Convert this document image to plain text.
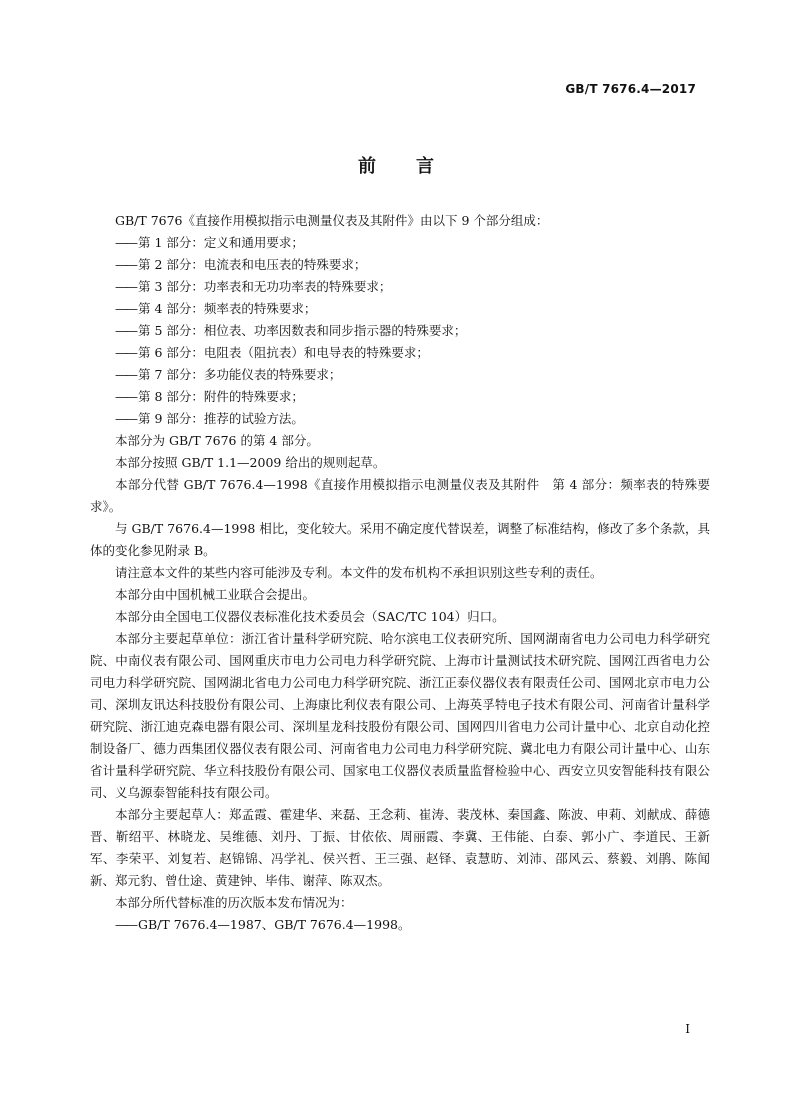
GB/T 7676.4—2017
前言

GB/T 7676《直接作用模拟指示电测量仪表及其附件》由以下 9 个部分组成：

—— 第 1 部分：定义和通用要求；
—— 第 2 部分：电流表和电压表的特殊要求；
—— 第 3 部分：功率表和无功功率表的特殊要求；
—— 第 4 部分：频率表的特殊要求；
—— 第 5 部分：相位表、功率因数表和同步指示器的特殊要求；
—— 第 6 部分：电阻表（阻抗表）和电导表的特殊要求；
—— 第 7 部分：多功能仪表的特殊要求；
—— 第 8 部分：附件的特殊要求；
—— 第 9 部分：推荐的试验方法。

本部分为 GB/T 7676 的第 4 部分。

本部分按照 GB/T 1.1—2009 给出的规则起草。

本部分代替 GB/T 7676.4—1998《直接作用模拟指示电测量仪表及其附件　第 4 部分：频率表的特殊要求》。

与 GB/T 7676.4—1998 相比，变化较大。采用不确定度代替误差，调整了标准结构，修改了多个条款，具体的变化参见附录 B。

请注意本文件的某些内容可能涉及专利。本文件的发布机构不承担识别这些专利的责任。

本部分由中国机械工业联合会提出。

本部分由全国电工仪器仪表标准化技术委员会（SAC/TC 104）归口。

本部分主要起草单位：浙江省计量科学研究院、哈尔滨电工仪表研究所、国网湖南省电力公司电力科学研究院、中南仪表有限公司、国网重庆市电力公司电力科学研究院、上海市计量测试技术研究院、国网江西省电力公司电力科学研究院、国网湖北省电力公司电力科学研究院、浙江正泰仪器仪表有限责任公司、国网北京市电力公司、深圳友讯达科技股份有限公司、上海康比利仪表有限公司、上海英孚特电子技术有限公司、河南省计量科学研究院、浙江迪克森电器有限公司、深圳星龙科技股份有限公司、国网四川省电力公司计量中心、北京自动化控制设备厂、德力西集团仪器仪表有限公司、河南省电力公司电力科学研究院、冀北电力有限公司计量中心、山东省计量科学研究院、华立科技股份有限公司、国家电工仪器仪表质量监督检验中心、西安立贝安智能科技有限公司、义乌源泰智能科技有限公司。

本部分主要起草人：郑孟霞、霍建华、来磊、王念莉、崔涛、裴茂林、秦国鑫、陈波、申莉、刘献成、薛德晋、靳绍平、林晓龙、吴维德、刘丹、丁振、甘依依、周丽霞、李冀、王伟能、白泰、郭小广、李道民、王新军、李荣平、刘复若、赵锦锦、冯学礼、侯兴哲、王三强、赵铎、袁慧昉、刘沛、邵风云、蔡毅、刘鹃、陈闻新、郑元豹、曾仕途、黄建钟、毕伟、谢萍、陈双杰。

本部分所代替标准的历次版本发布情况为：

—— GB/T 7676.4—1987、GB/T 7676.4—1998。
I
